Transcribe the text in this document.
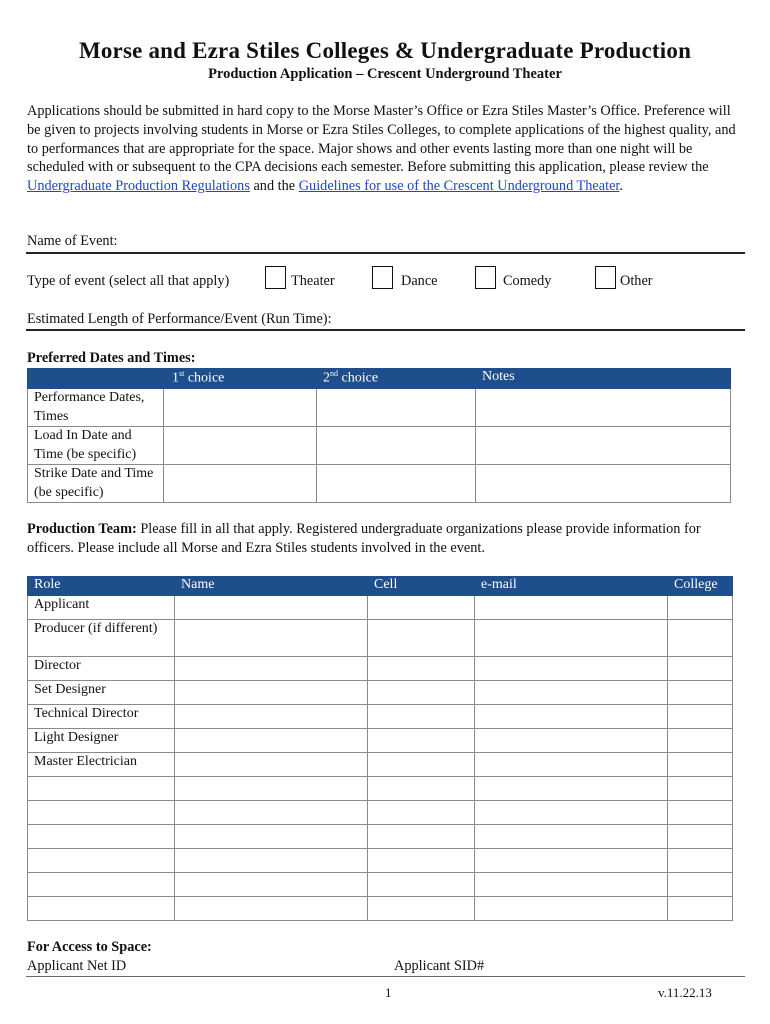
Morse and Ezra Stiles Colleges & Undergraduate Production
Production Application – Crescent Underground Theater
Applications should be submitted in hard copy to the Morse Master’s Office or Ezra Stiles Master’s Office. Preference will be given to projects involving students in Morse or Ezra Stiles Colleges, to complete applications of the highest quality, and to performances that are appropriate for the space. Major shows and other events lasting more than one night will be scheduled with or subsequent to the CPA decisions each semester. Before submitting this application, please review the Undergraduate Production Regulations and the Guidelines for use of the Crescent Underground Theater.
Name of Event:
Type of event (select all that apply)	Theater	Dance	Comedy	Other
Estimated Length of Performance/Event (Run Time):
Preferred Dates and Times:
	1st choice	2nd choice	Notes
Performance Dates, Times			
Load In Date and Time (be specific)			
Strike Date and Time (be specific)			
Production Team: Please fill in all that apply. Registered undergraduate organizations please provide information for officers. Please include all Morse and Ezra Stiles students involved in the event.
Role	Name	Cell	e-mail	College
Applicant				
Producer (if different)				
Director				
Set Designer				
Technical Director				
Light Designer				
Master Electrician				

For Access to Space:
Applicant Net ID	Applicant SID#
1	v.11.22.13
